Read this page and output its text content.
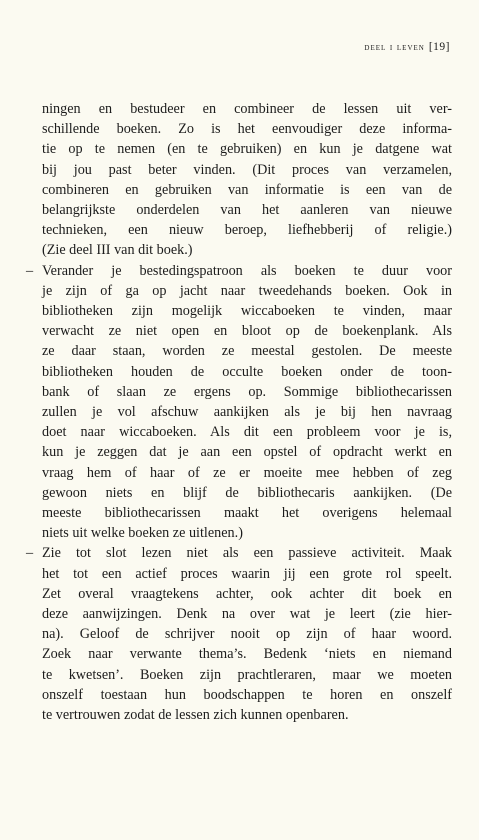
deel i leven [19]
ningen en bestudeer en combineer de lessen uit ver-
schillende boeken. Zo is het eenvoudiger deze informa-
tie op te nemen (en te gebruiken) en kun je datgene wat
bij jou past beter vinden. (Dit proces van verzamelen,
combineren en gebruiken van informatie is een van de
belangrijkste onderdelen van het aanleren van nieuwe
technieken, een nieuw beroep, liefhebberij of religie.)
(Zie deel III van dit boek.)
– Verander je bestedingspatroon als boeken te duur voor
je zijn of ga op jacht naar tweedehands boeken. Ook in
bibliotheken zijn mogelijk wiccaboeken te vinden, maar
verwacht ze niet open en bloot op de boekenplank. Als
ze daar staan, worden ze meestal gestolen. De meeste
bibliotheken houden de occulte boeken onder de toon-
bank of slaan ze ergens op. Sommige bibliothecarissen
zullen je vol afschuw aankijken als je bij hen navraag
doet naar wiccaboeken. Als dit een probleem voor je is,
kun je zeggen dat je aan een opstel of opdracht werkt en
vraag hem of haar of ze er moeite mee hebben of zeg
gewoon niets en blijf de bibliothecaris aankijken. (De
meeste bibliothecarissen maakt het overigens helemaal
niets uit welke boeken ze uitlenen.)
– Zie tot slot lezen niet als een passieve activiteit. Maak
het tot een actief proces waarin jij een grote rol speelt.
Zet overal vraagtekens achter, ook achter dit boek en
deze aanwijzingen. Denk na over wat je leert (zie hier-
na). Geloof de schrijver nooit op zijn of haar woord.
Zoek naar verwante thema’s. Bedenk ‘niets en niemand
te kwetsen’. Boeken zijn prachtleraren, maar we moeten
onszelf toestaan hun boodschappen te horen en onszelf
te vertrouwen zodat de lessen zich kunnen openbaren.
